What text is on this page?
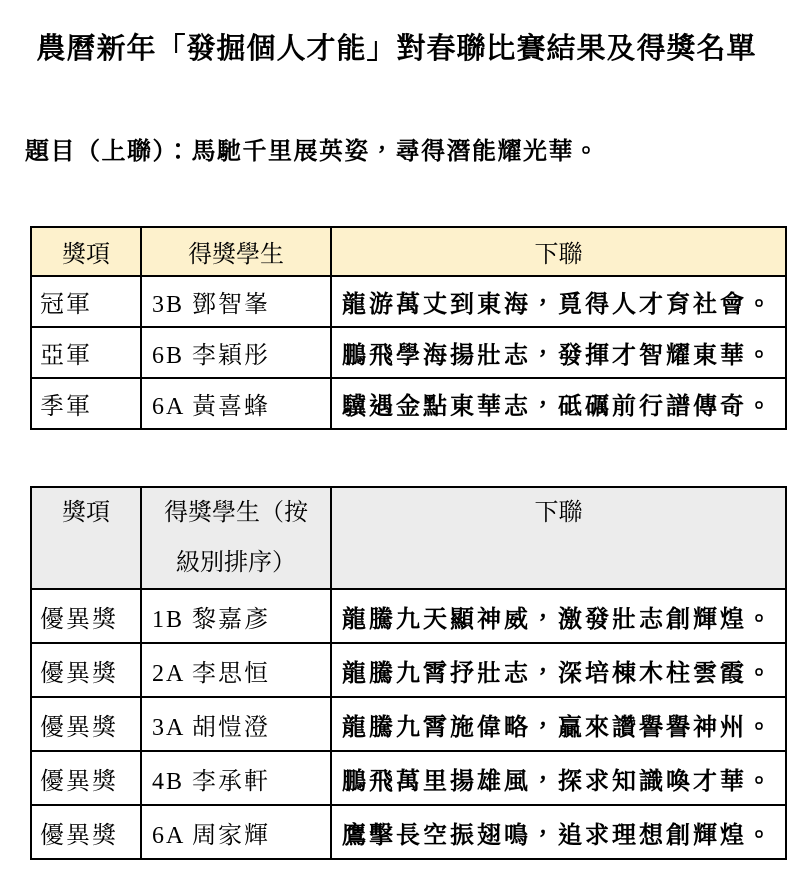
農曆新年「發掘個人才能」對春聯比賽結果及得獎名單

題目（上聯）：馬馳千里展英姿，尋得潛能耀光華。

獎項	得獎學生	下聯
冠軍	3B 鄧智峯	龍游萬丈到東海，覓得人才育社會。
亞軍	6B 李穎彤	鵬飛學海揚壯志，發揮才智耀東華。
季軍	6A 黃喜蜂	驥遇金點東華志，砥礪前行譜傳奇。
獎項	得獎學生（按級別排序）	下聯
優異獎	1B 黎嘉彥	龍騰九天顯神威，激發壯志創輝煌。
優異獎	2A 李思恒	龍騰九霄抒壯志，深培棟木柱雲霞。
優異獎	3A 胡愷澄	龍騰九霄施偉略，贏來讚譽譽神州。
優異獎	4B 李承軒	鵬飛萬里揚雄風，探求知識喚才華。
優異獎	6A 周家輝	鷹擊長空振翅鳴，追求理想創輝煌。
